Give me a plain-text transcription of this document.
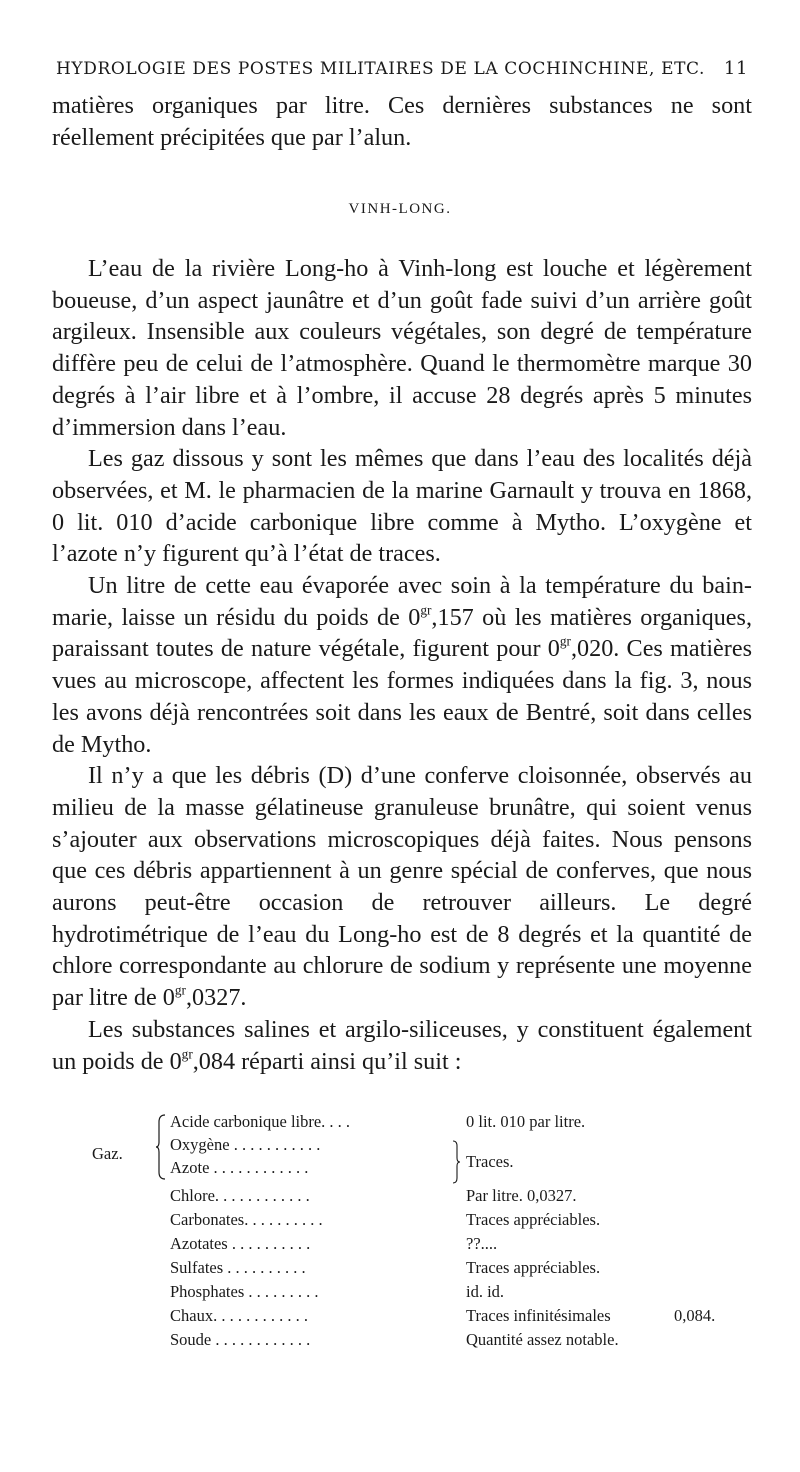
HYDROLOGIE DES POSTES MILITAIRES DE LA COCHINCHINE, ETC. 11

matières organiques par litre. Ces dernières substances ne sont

réellement précipitées que par l’alun.

VINH-LONG.

L’eau de la rivière Long-ho à Vinh-long est louche et légèrement boueuse, d’un aspect jaunâtre et d’un goût fade suivi d’un arrière goût argileux. Insensible aux couleurs végétales, son degré de température diffère peu de celui de l’atmosphère. Quand le thermomètre marque 30 degrés à l’air libre et à l’ombre, il accuse 28 degrés après 5 minutes d’immersion dans l’eau.

Les gaz dissous y sont les mêmes que dans l’eau des localités déjà observées, et M. le pharmacien de la marine Garnault y trouva en 1868, 0 lit. 010 d’acide carbonique libre comme à Mytho. L’oxygène et l’azote n’y figurent qu’à l’état de traces.

Un litre de cette eau évaporée avec soin à la température du bain-marie, laisse un résidu du poids de $0^{gr},157$ où les matières organiques, paraissant toutes de nature végétale, figurent pour $0^{gr},020$. Ces matières vues au microscope, affectent les formes indiquées dans la fig. 3, nous les avons déjà rencontrées soit dans les eaux de Bentré, soit dans celles de Mytho.

Il n’y a que les débris (D) d’une conferve cloisonnée, observés au milieu de la masse gélatineuse granuleuse brunâtre, qui soient venus s’ajouter aux observations microscopiques déjà faites. Nous pensons que ces débris appartiennent à un genre spécial de conferves, que nous aurons peut-être occasion de retrouver ailleurs. Le degré hydrotimétrique de l’eau du Long-ho est de 8 degrés et la quantité de chlore correspondante au chlorure de sodium y représente une moyenne par litre de $0^{gr},0327$.

Les substances salines et argilo-siliceuses, y constituent également un poids de $0^{gr},084$ réparti ainsi qu’il suit :

Gaz.
Acide carbonique libre. . . .	0 lit. 010 par litre.
Oxygène . . . . . . . . . . .
Azote . . . . . . . . . . . .	Traces.
Chlore. . . . . . . . . . . .	Par litre. 0,0327.
Carbonates. . . . . . . . . .	Traces appréciables.
Azotates . . . . . . . . . .	??....
Sulfates . . . . . . . . . .	Traces appréciables.
Phosphates . . . . . . . . .	id. id.
Chaux. . . . . . . . . . . .	Traces infinitésimales	0,084.
Soude . . . . . . . . . . . .	Quantité assez notable.
